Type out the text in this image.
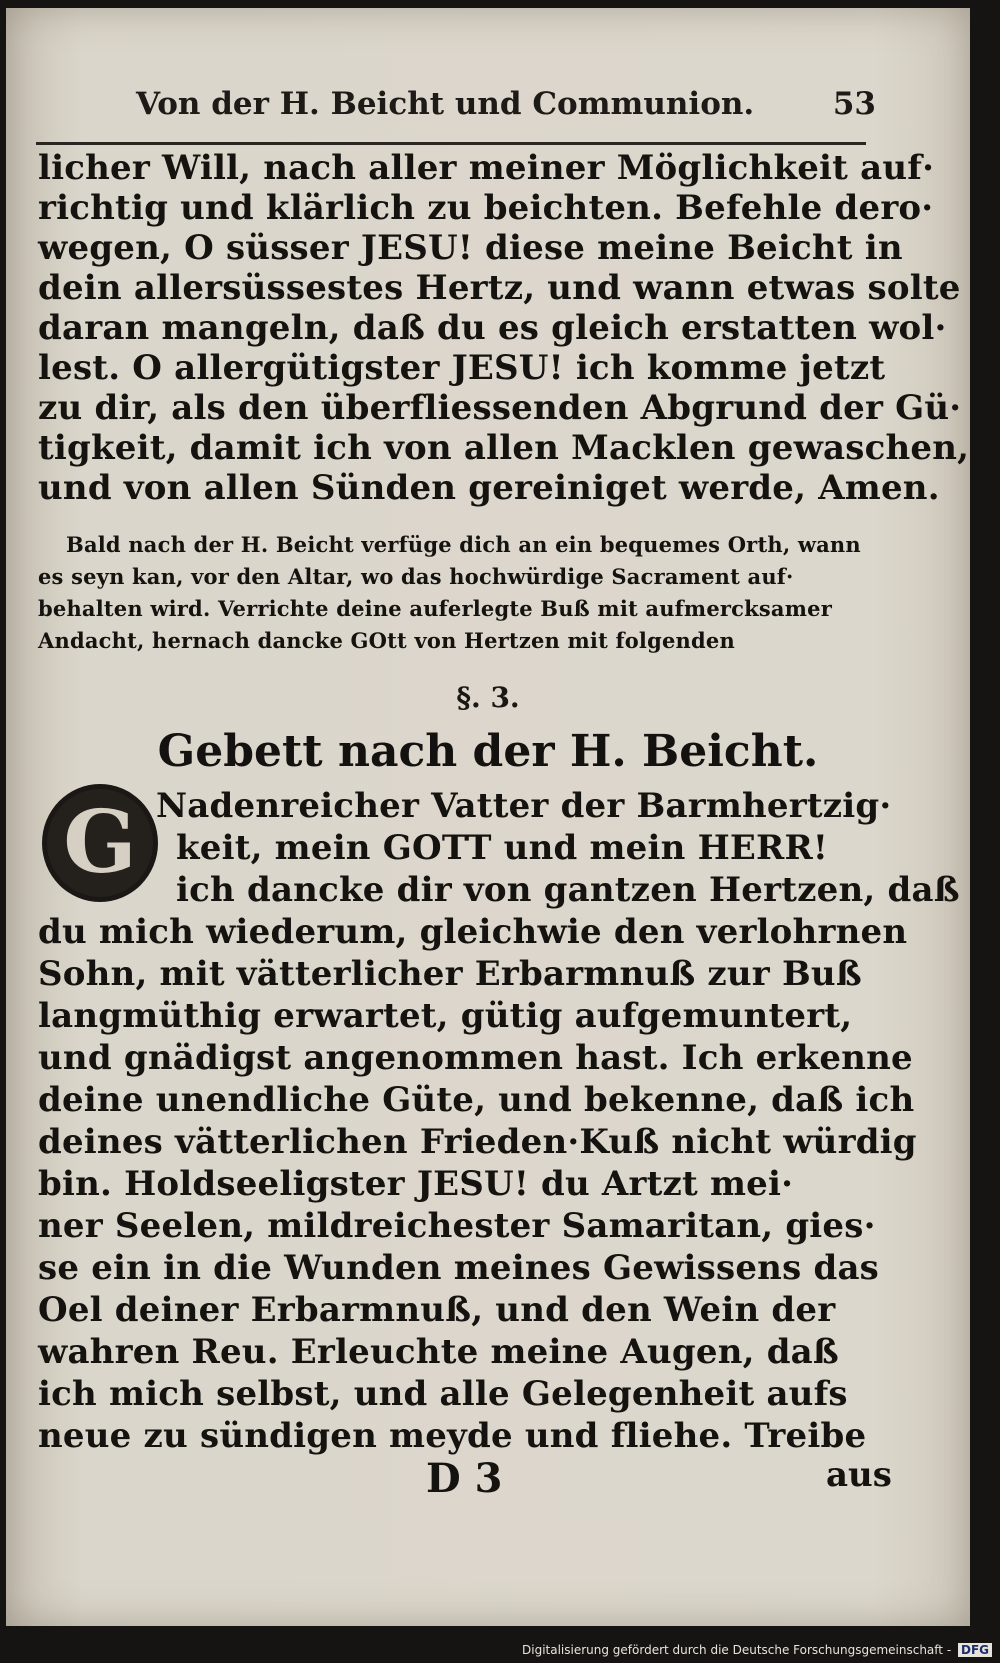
Von der H. Beicht und Communion.	53
licher Will, nach aller meiner Möglichkeit auf·
richtig und klärlich zu beichten. Befehle dero·
wegen, O süsser JESU! diese meine Beicht in
dein allersüssestes Hertz, und wann etwas solte
daran mangeln, daß du es gleich erstatten wol·
lest. O allergütigster JESU! ich komme jetzt
zu dir, als den überfliessenden Abgrund der Gü·
tigkeit, damit ich von allen Macklen gewaschen,
und von allen Sünden gereiniget werde, Amen.
Bald nach der H. Beicht verfüge dich an ein bequemes Orth, wann
es seyn kan, vor den Altar, wo das hochwürdige Sacrament auf·
behalten wird. Verrichte deine auferlegte Buß mit aufmercksamer
Andacht, hernach dancke GOtt von Hertzen mit folgenden
§. 3.
Gebett nach der H. Beicht.
G Nadenreicher Vatter der Barmhertzig·
keit, mein GOTT und mein HERR!
ich dancke dir von gantzen Hertzen, daß
du mich wiederum, gleichwie den verlohrnen
Sohn, mit vätterlicher Erbarmnuß zur Buß
langmüthig erwartet, gütig aufgemuntert,
und gnädigst angenommen hast. Ich erkenne
deine unendliche Güte, und bekenne, daß ich
deines vätterlichen Frieden·Kuß nicht würdig
bin. Holdseeligster JESU! du Artzt mei·
ner Seelen, mildreichester Samaritan, gies·
se ein in die Wunden meines Gewissens das
Oel deiner Erbarmnuß, und den Wein der
wahren Reu. Erleuchte meine Augen, daß
ich mich selbst, und alle Gelegenheit aufs
neue zu sündigen meyde und fliehe. Treibe
D 3	aus
Digitalisierung gefördert durch die Deutsche Forschungsgemeinschaft - DFG
